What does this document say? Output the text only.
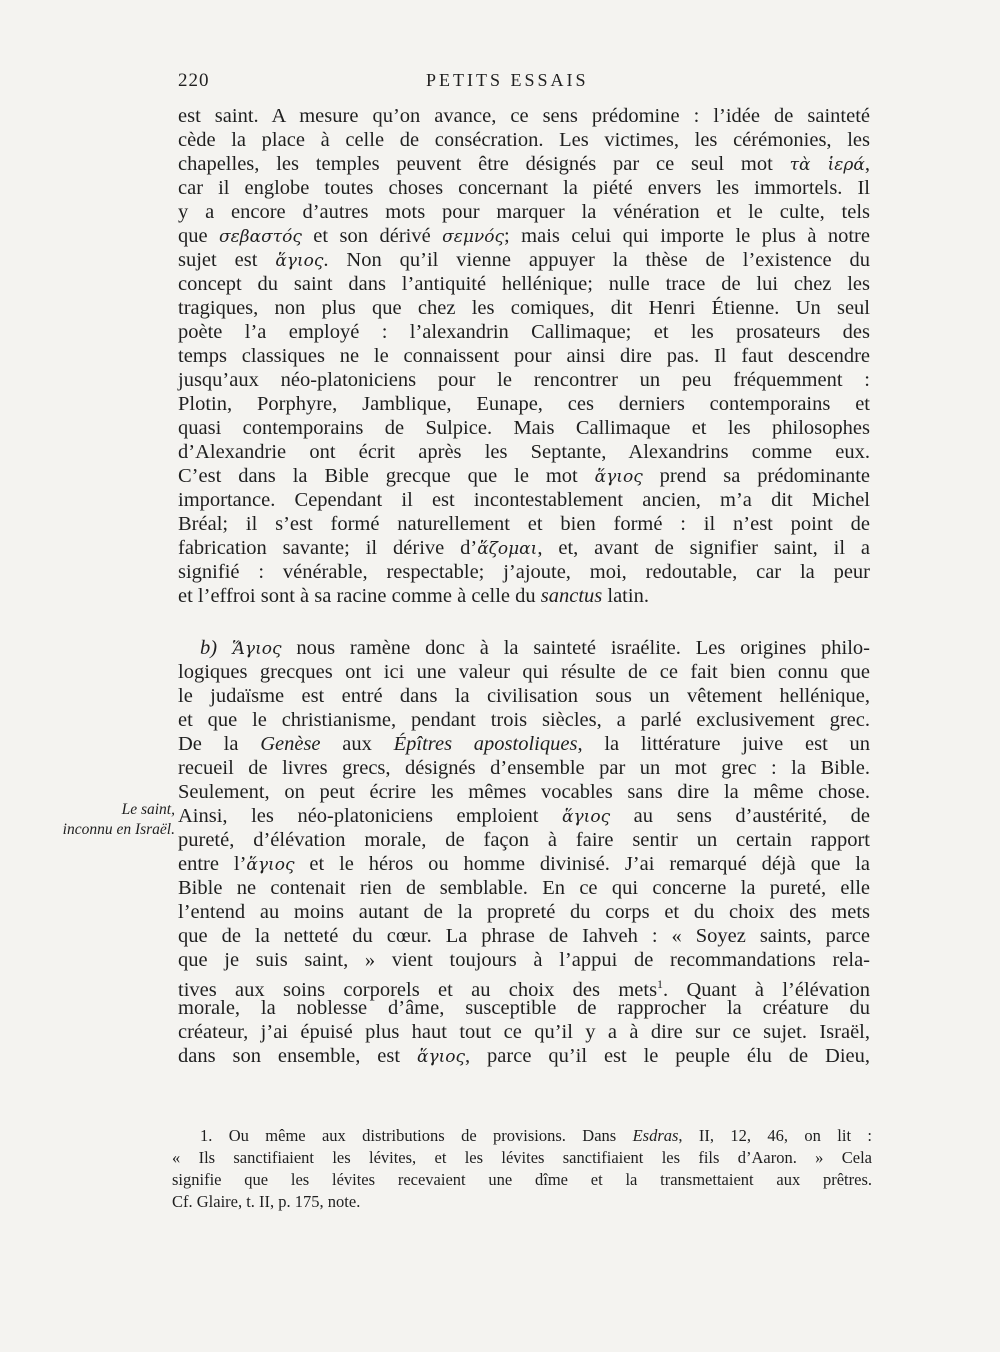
220	PETITS ESSAIS
est saint. A mesure qu’on avance, ce sens prédomine : l’idée de sainteté
cède la place à celle de consécration. Les victimes, les cérémonies, les
chapelles, les temples peuvent être désignés par ce seul mot τὰ ἱερά,
car il englobe toutes choses concernant la piété envers les immortels. Il
y a encore d’autres mots pour marquer la vénération et le culte, tels
que σεβαστός et son dérivé σεμνός; mais celui qui importe le plus à notre
sujet est ἅγιος. Non qu’il vienne appuyer la thèse de l’existence du
concept du saint dans l’antiquité hellénique; nulle trace de lui chez les
tragiques, non plus que chez les comiques, dit Henri Étienne. Un seul
poète l’a employé : l’alexandrin Callimaque; et les prosateurs des
temps classiques ne le connaissent pour ainsi dire pas. Il faut descendre
jusqu’aux néo-platoniciens pour le rencontrer un peu fréquemment :
Plotin, Porphyre, Jamblique, Eunape, ces derniers contemporains et
quasi contemporains de Sulpice. Mais Callimaque et les philosophes
d’Alexandrie ont écrit après les Septante, Alexandrins comme eux.
C’est dans la Bible grecque que le mot ἅγιος prend sa prédominante
importance. Cependant il est incontestablement ancien, m’a dit Michel
Bréal; il s’est formé naturellement et bien formé : il n’est point de
fabrication savante; il dérive d’ἅζομαι, et, avant de signifier saint, il a
signifié : vénérable, respectable; j’ajoute, moi, redoutable, car la peur
et l’effroi sont à sa racine comme à celle du sanctus latin.
b) Ἅγιος nous ramène donc à la sainteté israélite. Les origines philo-
logiques grecques ont ici une valeur qui résulte de ce fait bien connu que
le judaïsme est entré dans la civilisation sous un vêtement hellénique,
et que le christianisme, pendant trois siècles, a parlé exclusivement grec.
De la Genèse aux Épîtres apostoliques, la littérature juive est un
recueil de livres grecs, désignés d’ensemble par un mot grec : la Bible.
Seulement, on peut écrire les mêmes vocables sans dire la même chose.
Ainsi, les néo-platoniciens emploient ἅγιος au sens d’austérité, de
pureté, d’élévation morale, de façon à faire sentir un certain rapport
entre l’ἅγιος et le héros ou homme divinisé. J’ai remarqué déjà que la
Bible ne contenait rien de semblable. En ce qui concerne la pureté, elle
l’entend au moins autant de la propreté du corps et du choix des mets
que de la netteté du cœur. La phrase de Iahveh : « Soyez saints, parce
que je suis saint, » vient toujours à l’appui de recommandations rela-
tives aux soins corporels et au choix des mets$^1$. Quant à l’élévation
morale, la noblesse d’âme, susceptible de rapprocher la créature du
créateur, j’ai épuisé plus haut tout ce qu’il y a à dire sur ce sujet. Israël,
dans son ensemble, est ἅγιος, parce qu’il est le peuple élu de Dieu,
Le saint,
inconnu en Israël.
1. Ou même aux distributions de provisions. Dans Esdras, II, 12, 46, on lit :
« Ils sanctifiaient les lévites, et les lévites sanctifiaient les fils d’Aaron. » Cela
signifie que les lévites recevaient une dîme et la transmettaient aux prêtres.
Cf. Glaire, t. II, p. 175, note.
